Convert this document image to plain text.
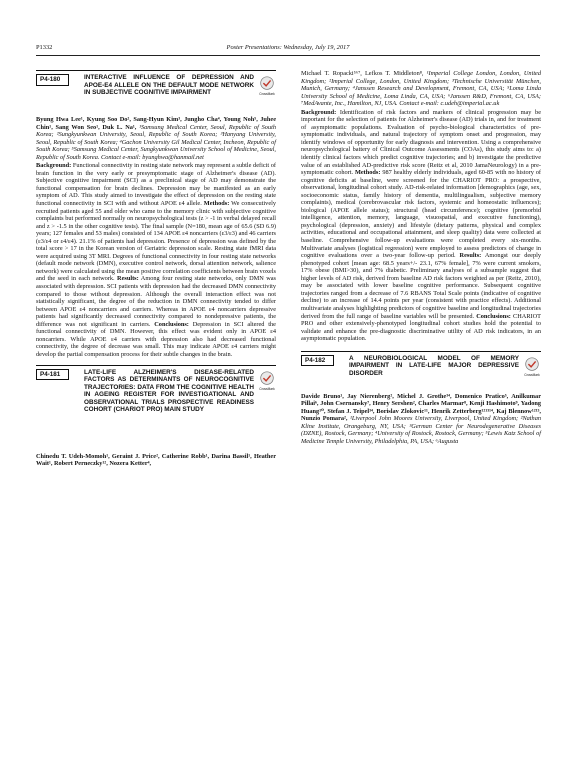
P1332	Poster Presentations: Wednesday, July 19, 2017
P4-180	INTERACTIVE INFLUENCE OF DEPRESSION AND APOE-E4 ALLELE ON THE DEFAULT MODE NETWORK IN SUBJECTIVE COGNITIVE IMPAIRMENT	CrossMark

Byung Hwa Lee¹, Kyung Soo Do², Sang-Hyun Kim³, Jungho Cha⁴, Young Noh⁵, Juhee Chin¹, Sang Won Seo¹, Duk L. Na¹, ¹Samsung Medical Center, Seoul, Republic of South Korea; ²Sungkyunkwan University, Seoul, Republic of South Korea; ³Hanyang University, Seoul, Republic of South Korea; ⁴Gachon University Gil Medical Center, Incheon, Republic of South Korea; ⁵Samsung Medical Center, Sungkyunkwan University School of Medicine, Seoul, Republic of South Korea. Contact e-mail: byunghwa@hanmail.net

Background: Functional connectivity in resting state network may represent a subtle deficit of brain function in the very early or presymptomatic stage of Alzheimer's disease (AD). Subjective cognitive impairment (SCI) as a preclinical stage of AD may demonstrate the functional compensation for brain declines. Depression may be manifested as an early symptom of AD. This study aimed to investigate the effect of depression on the resting state functional connectivity in SCI with and without APOE ε4 allele. Methods: We consecutively recruited patients aged 55 and older who came to the memory clinic with subjective cognitive complaints but performed normally on neuropsychological tests (z > -1 in verbal delayed recall and z > -1.5 in the other cognitive tests). The final sample (N=180, mean age of 65.6 (SD 6.9) years; 127 females and 53 males) consisted of 134 APOE ε4 noncarriers (ε3/ε3) and 46 carriers (ε3/ε4 or ε4/ε4). 21.1% of patients had depression. Presence of depression was defined by the total score > 17 in the Korean version of Geriatric depression scale. Resting state fMRI data were acquired using 3T MRI. Degrees of functional connectivity in four resting state networks (default mode network (DMN), executive control network, dorsal attention network, salience network) were calculated using the mean positive correlation coefficients between brain voxels and the seed in each network. Results: Among four resting state networks, only DMN was associated with depression. SCI patients with depression had the decreased DMN connectivity compared to those without depression. Although the overall interaction effect was not statistically significant, the degree of the reduction in DMN connectivity tended to differ between APOE ε4 noncarriers and carriers. Whereas in APOE ε4 noncarriers depressive patients had significantly decreased connectivity compared to nondepressive patients, the difference was not significant in carriers. Conclusions: Depression in SCI altered the functional connectivity of DMN. However, this effect was evident only in APOE ε4 noncarriers. While APOE ε4 carriers with depression also had decreased functional connectivity, the degree of decrease was small. This may indicate APOE ε4 carriers might develop the partial compensation process for their subtle changes in the brain.

P4-181	LATE-LIFE ALZHEIMER'S DISEASE-RELATED FACTORS AS DETERMINANTS OF NEUROCOGNITIVE TRAJECTORIES: DATA FROM THE COGNITIVE HEALTH IN AGEING REGISTER FOR INVESTIGATIONAL AND OBSERVATIONAL TRIALS PROSPECTIVE READINESS COHORT (CHARIOT PRO) MAIN STUDY
CrossMark

Chinedu T. Udeh-Momoh¹, Geraint J. Price², Catherine Robb¹, Darina Bassil¹, Heather Wait¹, Robert Perneczky¹², Nozera Ketter⁴,

Michael T. Ropacki⁵⁶⁷, Lefkos T. Middleton⁸, ¹Imperial College London, London, United Kingdom; ²Imperial College, London, United Kingdom; ³Technische Universität München, Munich, Germany; ⁴Janssen Research and Development, Fremont, CA, USA; ⁵Loma Linda University School of Medicine, Loma Linda, CA, USA; ⁶Janssen R&D, Fremont, CA, USA; ⁷MedAvante, Inc., Hamilton, NJ, USA. Contact e-mail: c.udeh@imperial.ac.uk

Background: Identification of risk factors and markers of clinical progression may be important for the selection of patients for Alzheimer's disease (AD) trials in, and for treatment of asymptomatic populations. Evaluation of psycho-biological characteristics of pre-symptomatic individuals, and natural trajectory of symptom onset and progression, may identify windows of opportunity for early diagnosis and intervention. Using a comprehensive neuropsychological battery of Clinical Outcome Assessments (COAs), this study aims to: a) identify clinical factors which predict cognitive trajectories; and b) investigate the predictive value of an established AD-predictive risk score (Reitz et al, 2010 JamaNeurology) in a pre-symptomatic cohort. Methods: 987 healthy elderly individuals, aged 60-85 with no history of cognitive deficits at baseline, were screened for the CHARIOT PRO: a prospective, observational, longitudinal cohort study. AD-risk-related information [demographics (age, sex, socioeconomic status, family history of dementia, multilingualism, subjective memory complaints), medical (cerebrovascular risk factors, systemic and homeostatic influences); biological (APOE allele status); structural (head circumference); cognitive (premorbid intelligence, attention, memory, language, visuospatial, and executive functioning), psychological (depression, anxiety) and lifestyle (dietary patterns, physical and complex activities, educational and occupational attainment, and sleep quality) data were collected at baseline. Comprehensive follow-up evaluations were completed every six-months. Multivariate analyses (logistical regression) were employed to assess predictors of change in cognitive evaluations over a two-year follow-up period. Results: Amongst our deeply phenotyped cohort [mean age: 68.5 years+/- 23.1, 67% female], 7% were current smokers, 17% obese (BMI>30), and 7% diabetic. Preliminary analyses of a subsample suggest that higher levels of AD risk, derived from baseline AD risk factors weighted as per (Reitz, 2010), may be associated with lower baseline cognitive performance. Subsequent cognitive trajectories ranged from a decrease of 7.6 RBANS Total Scale points (indicative of cognitive decline) to an increase of 14.4 points per year (consistent with practice effects). Additional multivariate analyses highlighting predictors of cognitive baseline and longitudinal trajectories derived from the full range of baseline variables will be presented. Conclusions: CHARIOT PRO and other extensively-phenotyped longitudinal cohort studies hold the potential to validate and enhance the pre-diagnostic discriminative utility of AD risk indicators, in an asymptomatic population.

P4-182	A NEUROBIOLOGICAL MODEL OF MEMORY IMPAIRMENT IN LATE-LIFE MAJOR DEPRESSIVE DISORDER	CrossMark

Davide Bruno¹, Jay Nierenberg², Michel J. Grothe³⁴, Domenico Pratico⁵, Anilkumar Pillai⁶, John Csernansky⁷, Henry Sershen², Charles Marmar⁸, Kenji Hashimoto⁹, Yadong Huang¹⁰, Stefan J. Teipel³⁴, Borislav Zlokovic¹¹, Henrik Zetterberg¹²¹³¹⁴, Kaj Blennow¹²¹³, Nunzio Pomara², ¹Liverpool John Moores University, Liverpool, United Kingdom; ²Nathan Kline Institute, Orangeburg, NY, USA; ³German Center for Neurodegenerative Diseases (DZNE), Rostock, Germany; ⁴University of Rostock, Rostock, Germany; ⁵Lewis Katz School of Medicine Temple University, Philadelphia, PA, USA; ⁶Augusta
